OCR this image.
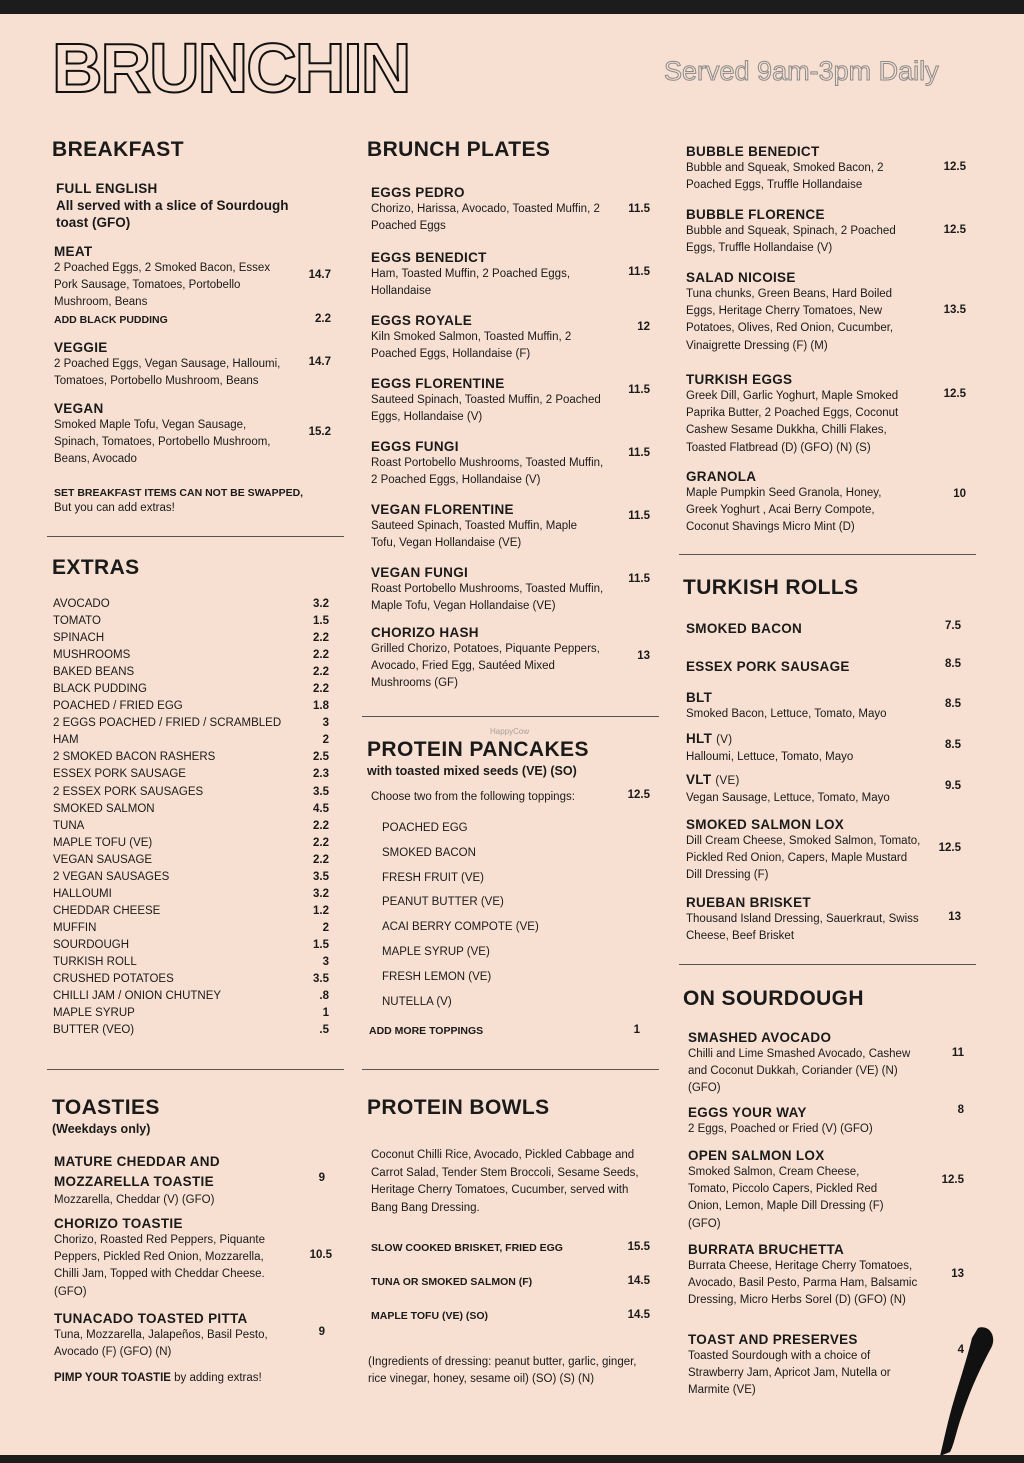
BRUNCHIN	Served 9am-3pm Daily
BREAKFAST
FULL ENGLISH
All served with a slice of Sourdough toast (GFO)
MEAT
2 Poached Eggs, 2 Smoked Bacon, Essex Pork Sausage, Tomatoes, Portobello Mushroom, Beans
14.7
ADD BLACK PUDDING	2.2
VEGGIE
2 Poached Eggs, Vegan Sausage, Halloumi, Tomatoes, Portobello Mushroom, Beans
14.7
VEGAN
Smoked Maple Tofu, Vegan Sausage, Spinach, Tomatoes, Portobello Mushroom, Beans, Avocado
15.2
SET BREAKFAST ITEMS CAN NOT BE SWAPPED,
But you can add extras!
EXTRAS
AVOCADO	3.2
TOMATO	1.5
SPINACH	2.2
MUSHROOMS	2.2
BAKED BEANS	2.2
BLACK PUDDING	2.2
POACHED / FRIED EGG	1.8
2 EGGS POACHED / FRIED / SCRAMBLED	3
HAM	2
2 SMOKED BACON RASHERS	2.5
ESSEX PORK SAUSAGE	2.3
2 ESSEX PORK SAUSAGES	3.5
SMOKED SALMON	4.5
TUNA	2.2
MAPLE TOFU (VE)	2.2
VEGAN SAUSAGE	2.2
2 VEGAN SAUSAGES	3.5
HALLOUMI	3.2
CHEDDAR CHEESE	1.2
MUFFIN	2
SOURDOUGH	1.5
TURKISH ROLL	3
CRUSHED POTATOES	3.5
CHILLI JAM / ONION CHUTNEY	.8
MAPLE SYRUP	1
BUTTER (VEO)	.5
TOASTIES
(Weekdays only)
MATURE CHEDDAR AND MOZZARELLA TOASTIE
Mozzarella, Cheddar (V) (GFO)
9
CHORIZO TOASTIE
Chorizo, Roasted Red Peppers, Piquante Peppers, Pickled Red Onion, Mozzarella, Chilli Jam, Topped with Cheddar Cheese. (GFO)
10.5
TUNACADO TOASTED PITTA
Tuna, Mozzarella, Jalapeños, Basil Pesto, Avocado (F) (GFO) (N)
9
PIMP YOUR TOASTIE by adding extras!
BRUNCH PLATES
EGGS PEDRO
Chorizo, Harissa, Avocado, Toasted Muffin, 2 Poached Eggs
11.5
EGGS BENEDICT
Ham, Toasted Muffin, 2 Poached Eggs, Hollandaise
11.5
EGGS ROYALE
Kiln Smoked Salmon, Toasted Muffin, 2 Poached Eggs, Hollandaise (F)
12
EGGS FLORENTINE
Sauteed Spinach, Toasted Muffin, 2 Poached Eggs, Hollandaise (V)
11.5
EGGS FUNGI
Roast Portobello Mushrooms, Toasted Muffin, 2 Poached Eggs, Hollandaise (V)
11.5
VEGAN FLORENTINE
Sauteed Spinach, Toasted Muffin, Maple Tofu, Vegan Hollandaise (VE)
11.5
VEGAN FUNGI
Roast Portobello Mushrooms, Toasted Muffin, Maple Tofu, Vegan Hollandaise (VE)
11.5
CHORIZO HASH
Grilled Chorizo, Potatoes, Piquante Peppers, Avocado, Fried Egg, Sautéed Mixed Mushrooms (GF)
13
HappyCow
PROTEIN PANCAKES
with toasted mixed seeds (VE) (SO)
Choose two from the following toppings:	12.5
POACHED EGG
SMOKED BACON
FRESH FRUIT (VE)
PEANUT BUTTER (VE)
ACAI BERRY COMPOTE (VE)
MAPLE SYRUP (VE)
FRESH LEMON (VE)
NUTELLA (V)
ADD MORE TOPPINGS	1
PROTEIN BOWLS
Coconut Chilli Rice, Avocado, Pickled Cabbage and Carrot Salad, Tender Stem Broccoli, Sesame Seeds, Heritage Cherry Tomatoes, Cucumber, served with Bang Bang Dressing.
SLOW COOKED BRISKET, FRIED EGG	15.5
TUNA OR SMOKED SALMON (F)	14.5
MAPLE TOFU (VE) (SO)	14.5
(Ingredients of dressing: peanut butter, garlic, ginger, rice vinegar, honey, sesame oil) (SO) (S) (N)
BUBBLE BENEDICT
Bubble and Squeak, Smoked Bacon, 2 Poached Eggs, Truffle Hollandaise
12.5
BUBBLE FLORENCE
Bubble and Squeak, Spinach, 2 Poached Eggs, Truffle Hollandaise (V)
12.5
SALAD NICOISE
Tuna chunks, Green Beans, Hard Boiled Eggs, Heritage Cherry Tomatoes, New Potatoes, Olives, Red Onion, Cucumber, Vinaigrette Dressing (F) (M)
13.5
TURKISH EGGS
Greek Dill, Garlic Yoghurt, Maple Smoked Paprika Butter, 2 Poached Eggs, Coconut Cashew Sesame Dukkha, Chilli Flakes, Toasted Flatbread (D) (GFO) (N) (S)
12.5
GRANOLA
Maple Pumpkin Seed Granola, Honey, Greek Yoghurt , Acai Berry Compote, Coconut Shavings Micro Mint (D)
10
TURKISH ROLLS
SMOKED BACON	7.5
ESSEX PORK SAUSAGE	8.5
BLT
Smoked Bacon, Lettuce, Tomato, Mayo
8.5
HLT (V)
Halloumi, Lettuce, Tomato, Mayo
8.5
VLT (VE)
Vegan Sausage, Lettuce, Tomato, Mayo
9.5
SMOKED SALMON LOX
Dill Cream Cheese, Smoked Salmon, Tomato, Pickled Red Onion, Capers, Maple Mustard Dill Dressing (F)
12.5
RUEBAN BRISKET
Thousand Island Dressing, Sauerkraut, Swiss Cheese, Beef Brisket
13
ON SOURDOUGH
SMASHED AVOCADO
Chilli and Lime Smashed Avocado, Cashew and Coconut Dukkah, Coriander (VE) (N) (GFO)
11
EGGS YOUR WAY
2 Eggs, Poached or Fried (V) (GFO)
8
OPEN SALMON LOX
Smoked Salmon, Cream Cheese, Tomato, Piccolo Capers, Pickled Red Onion, Lemon, Maple Dill Dressing (F) (GFO)
12.5
BURRATA BRUCHETTA
Burrata Cheese, Heritage Cherry Tomatoes, Avocado, Basil Pesto, Parma Ham, Balsamic Dressing, Micro Herbs Sorel (D) (GFO) (N)
13
TOAST AND PRESERVES
Toasted Sourdough with a choice of Strawberry Jam, Apricot Jam, Nutella or Marmite (VE)
4
